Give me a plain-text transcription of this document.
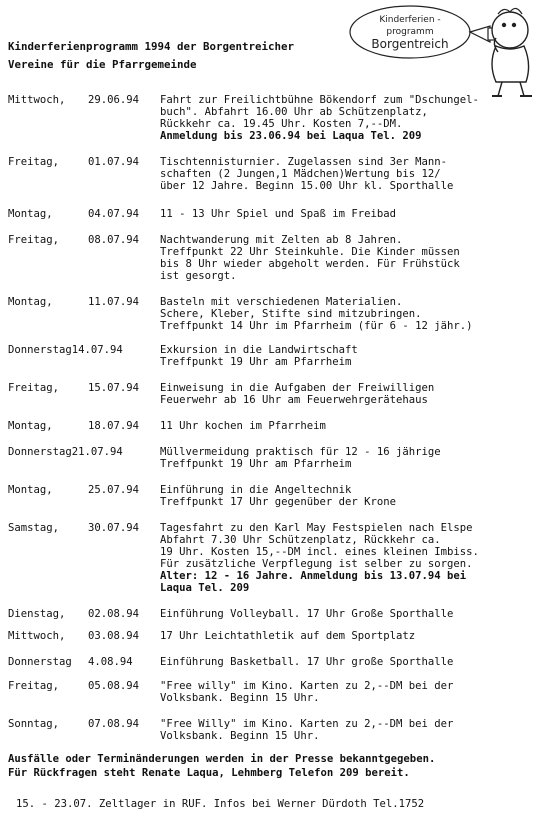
Kinderferienprogramm 1994 der Borgentreicher
Vereine für die Pfarrgemeinde
Kinderferien -
programm
Borgentreich
Mittwoch,	29.06.94	Fahrt zur Freilichtbühne Bökendorf zum "Dschungel-
buch". Abfahrt 16.00 Uhr ab Schützenplatz,
Rückkehr ca. 19.45 Uhr. Kosten 7,--DM.
Anmeldung bis 23.06.94 bei Laqua Tel. 209
Freitag,	01.07.94	Tischtennisturnier. Zugelassen sind 3er Mann-
schaften (2 Jungen,1 Mädchen)Wertung bis 12/
über 12 Jahre. Beginn 15.00 Uhr kl. Sporthalle
Montag,	04.07.94	11 - 13 Uhr Spiel und Spaß im Freibad
Freitag,	08.07.94	Nachtwanderung mit Zelten ab 8 Jahren.
Treffpunkt 22 Uhr Steinkuhle. Die Kinder müssen
bis 8 Uhr wieder abgeholt werden. Für Frühstück
ist gesorgt.
Montag,	11.07.94	Basteln mit verschiedenen Materialien.
Schere, Kleber, Stifte sind mitzubringen.
Treffpunkt 14 Uhr im Pfarrheim (für 6 - 12 jähr.)
Donnerstag14.07.94	Exkursion in die Landwirtschaft
Treffpunkt 19 Uhr am Pfarrheim
Freitag,	15.07.94	Einweisung in die Aufgaben der Freiwilligen
Feuerwehr ab 16 Uhr am Feuerwehrgerätehaus
Montag,	18.07.94	11 Uhr kochen im Pfarrheim
Donnerstag21.07.94	Müllvermeidung praktisch für 12 - 16 jährige
Treffpunkt 19 Uhr am Pfarrheim
Montag,	25.07.94	Einführung in die Angeltechnik
Treffpunkt 17 Uhr gegenüber der Krone
Samstag,	30.07.94	Tagesfahrt zu den Karl May Festspielen nach Elspe
Abfahrt 7.30 Uhr Schützenplatz, Rückkehr ca.
19 Uhr. Kosten 15,--DM incl. eines kleinen Imbiss.
Für zusätzliche Verpflegung ist selber zu sorgen.
Alter: 12 - 16 Jahre. Anmeldung bis 13.07.94 bei
Laqua Tel. 209
Dienstag,	02.08.94	Einführung Volleyball. 17 Uhr Große Sporthalle
Mittwoch,	03.08.94	17 Uhr Leichtathletik auf dem Sportplatz
Donnerstag	4.08.94	Einführung Basketball. 17 Uhr große Sporthalle
Freitag,	05.08.94	"Free willy" im Kino. Karten zu 2,--DM bei der
Volksbank. Beginn 15 Uhr.
Sonntag,	07.08.94	"Free Willy" im Kino. Karten zu 2,--DM bei der
Volksbank. Beginn 15 Uhr.
Ausfälle oder Terminänderungen werden in der Presse bekanntgegeben.
Für Rückfragen steht Renate Laqua, Lehmberg Telefon 209 bereit.
15. - 23.07. Zeltlager in RUF. Infos bei Werner Dürdoth Tel.1752
